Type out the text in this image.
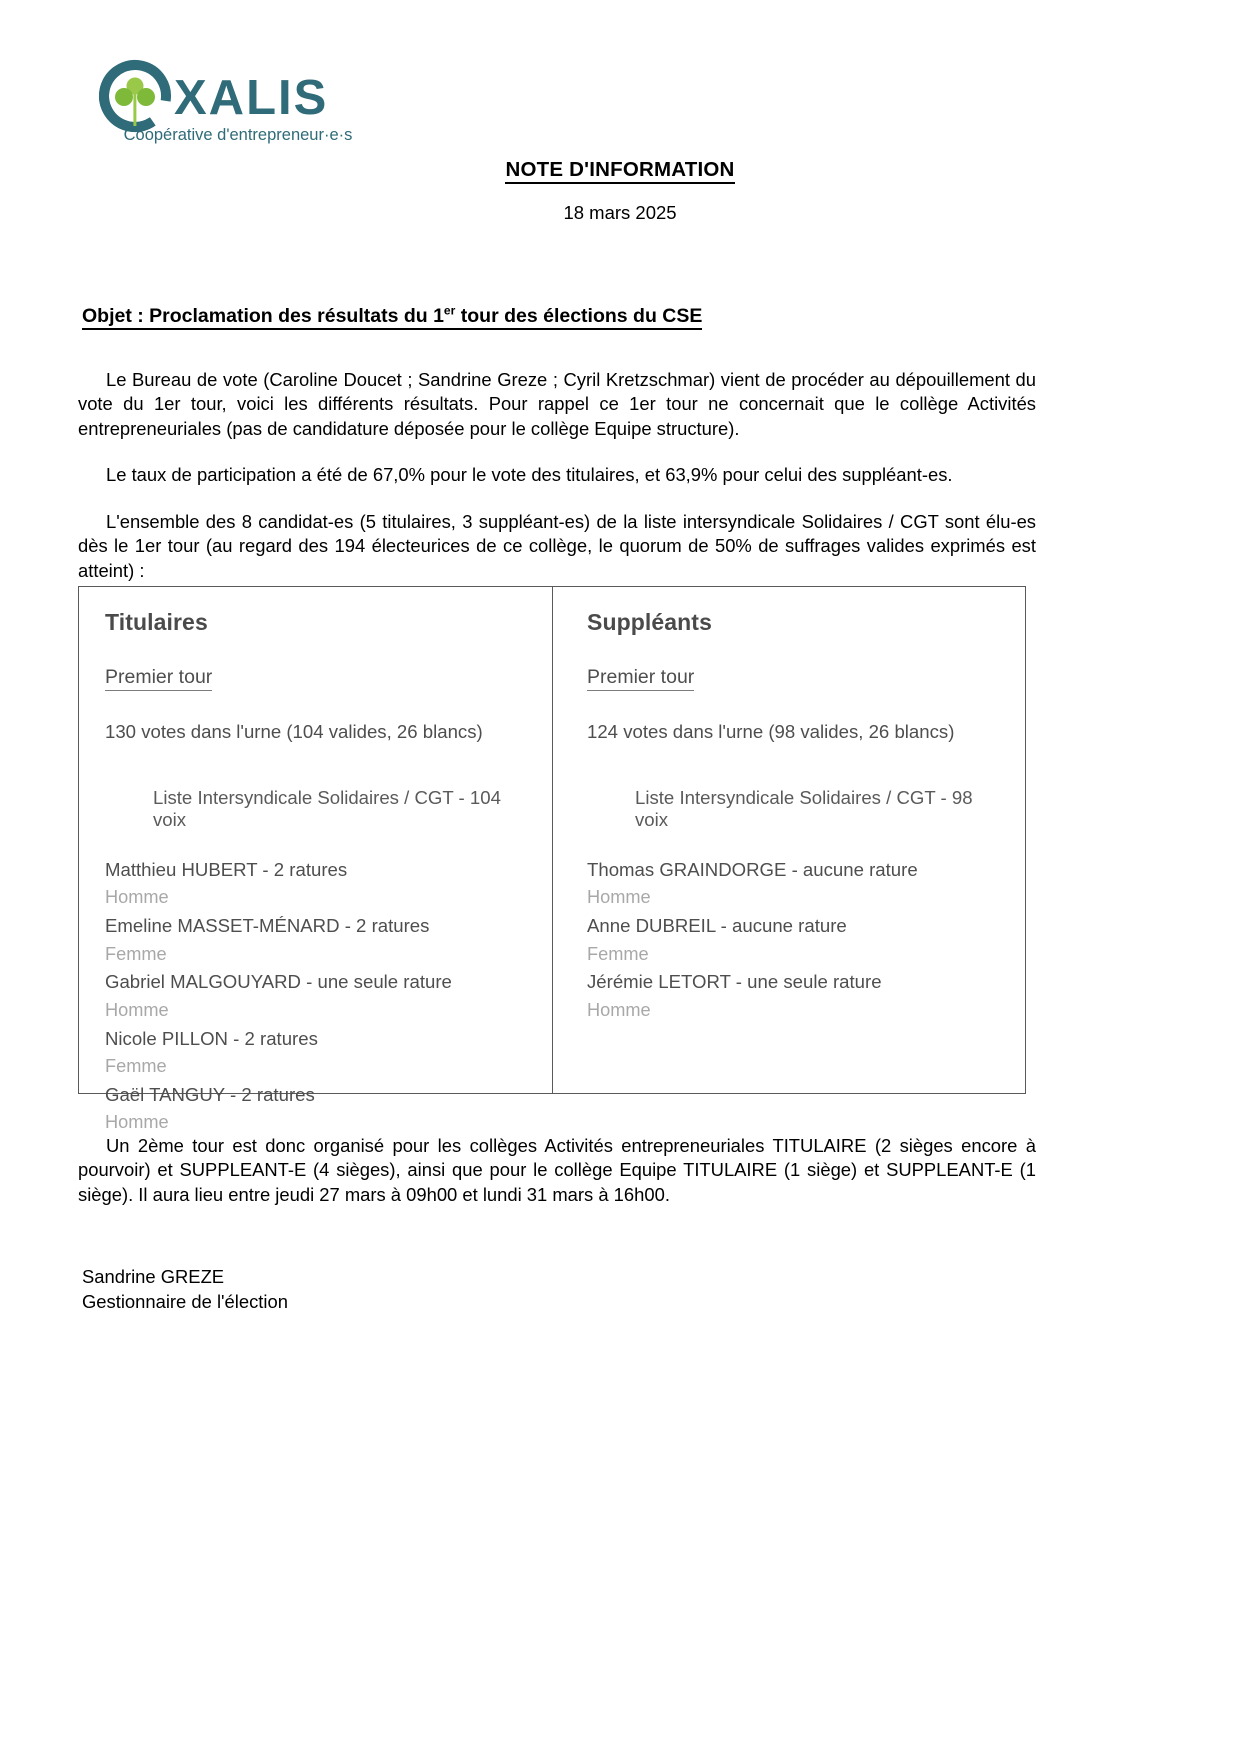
XALIS
Coopérative d'entrepreneur·e·s
NOTE D'INFORMATION
18 mars 2025
Objet : Proclamation des résultats du 1er tour des élections du CSE

Le Bureau de vote (Caroline Doucet ; Sandrine Greze ; Cyril Kretzschmar) vient de procéder au dépouillement du vote du 1er tour, voici les différents résultats. Pour rappel ce 1er tour ne concernait que le collège Activités entrepreneuriales (pas de candidature déposée pour le collège Equipe structure).

Le taux de participation a été de 67,0% pour le vote des titulaires, et 63,9% pour celui des suppléant-es.

L'ensemble des 8 candidat-es (5 titulaires, 3 suppléant-es) de la liste intersyndicale Solidaires / CGT sont élu-es dès le 1er tour (au regard des 194 électeurices de ce collège, le quorum de 50% de suffrages valides exprimés est atteint) :

Titulaires
Premier tour
130 votes dans l'urne (104 valides, 26 blancs)
Liste Intersyndicale Solidaires / CGT - 104 voix
Matthieu HUBERT - 2 ratures
Homme
Emeline MASSET-MÉNARD - 2 ratures
Femme
Gabriel MALGOUYARD - une seule rature
Homme
Nicole PILLON - 2 ratures
Femme
Gaël TANGUY - 2 ratures
Homme
Suppléants
Premier tour
124 votes dans l'urne (98 valides, 26 blancs)
Liste Intersyndicale Solidaires / CGT - 98 voix
Thomas GRAINDORGE - aucune rature
Homme
Anne DUBREIL - aucune rature
Femme
Jérémie LETORT - une seule rature
Homme

Un 2ème tour est donc organisé pour les collèges Activités entrepreneuriales TITULAIRE (2 sièges encore à pourvoir) et SUPPLEANT-E (4 sièges), ainsi que pour le collège Equipe TITULAIRE (1 siège) et SUPPLEANT-E (1 siège). Il aura lieu entre jeudi 27 mars à 09h00 et lundi 31 mars à 16h00.

Sandrine GREZE
Gestionnaire de l'élection
